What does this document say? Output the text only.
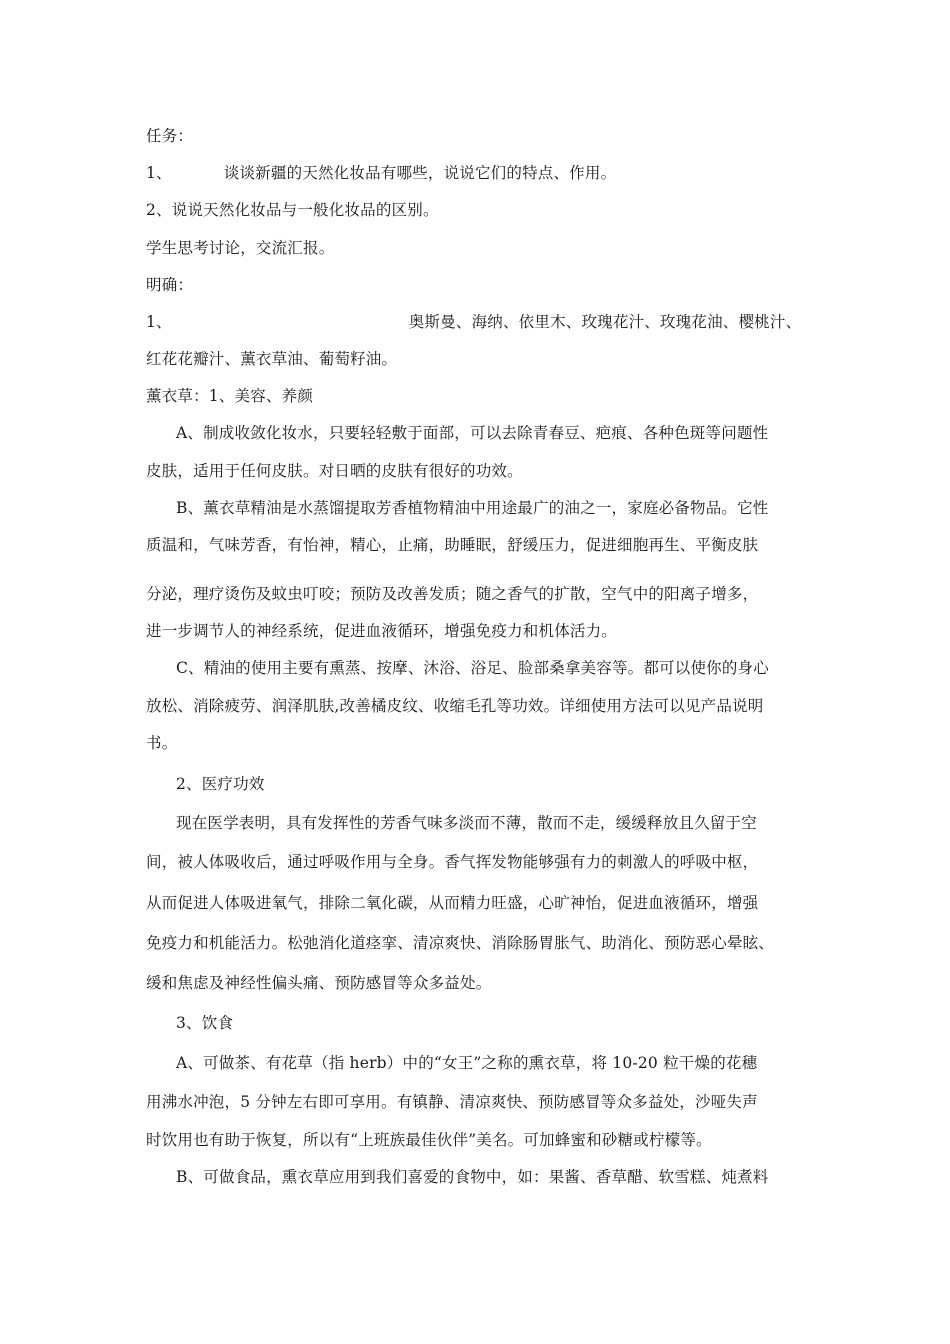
任务：
1、	谈谈新疆的天然化妆品有哪些，说说它们的特点、作用。
2、说说天然化妆品与一般化妆品的区别。
学生思考讨论，交流汇报。
明确：
1、	奥斯曼、海纳、依里木、玫瑰花汁、玫瑰花油、樱桃汁、
红花花瓣汁、薰衣草油、葡萄籽油。
薰衣草：1、美容、养颜
A、制成收敛化妆水，只要轻轻敷于面部，可以去除青春豆、疤痕、各种色斑等问题性
皮肤，适用于任何皮肤。对日晒的皮肤有很好的功效。
B、薰衣草精油是水蒸馏提取芳香植物精油中用途最广的油之一，家庭必备物品。它性
质温和，气味芳香，有怡神，精心，止痛，助睡眠，舒缓压力，促进细胞再生、平衡皮肤
分泌，理疗烫伤及蚊虫叮咬；预防及改善发质；随之香气的扩散，空气中的阳离子增多，
进一步调节人的神经系统，促进血液循环，增强免疫力和机体活力。
C、精油的使用主要有熏蒸、按摩、沐浴、浴足、脸部桑拿美容等。都可以使你的身心
放松、消除疲劳、润泽肌肤,改善橘皮纹、收缩毛孔等功效。详细使用方法可以见产品说明
书。
2、医疗功效
现在医学表明，具有发挥性的芳香气味多淡而不薄，散而不走，缓缓释放且久留于空
间，被人体吸收后，通过呼吸作用与全身。香气挥发物能够强有力的刺激人的呼吸中枢，
从而促进人体吸进氧气，排除二氧化碳，从而精力旺盛，心旷神怡，促进血液循环，增强
免疫力和机能活力。松弛消化道痉挛、清凉爽快、消除肠胃胀气、助消化、预防恶心晕眩、
缓和焦虑及神经性偏头痛、预防感冒等众多益处。
3、饮食
A、可做茶、有花草（指 herb）中的“女王”之称的熏衣草，将 10-20 粒干燥的花穗
用沸水冲泡，5 分钟左右即可享用。有镇静、清凉爽快、预防感冒等众多益处，沙哑失声
时饮用也有助于恢复，所以有“上班族最佳伙伴”美名。可加蜂蜜和砂糖或柠檬等。
B、可做食品，熏衣草应用到我们喜爱的食物中，如：果酱、香草醋、软雪糕、炖煮料
